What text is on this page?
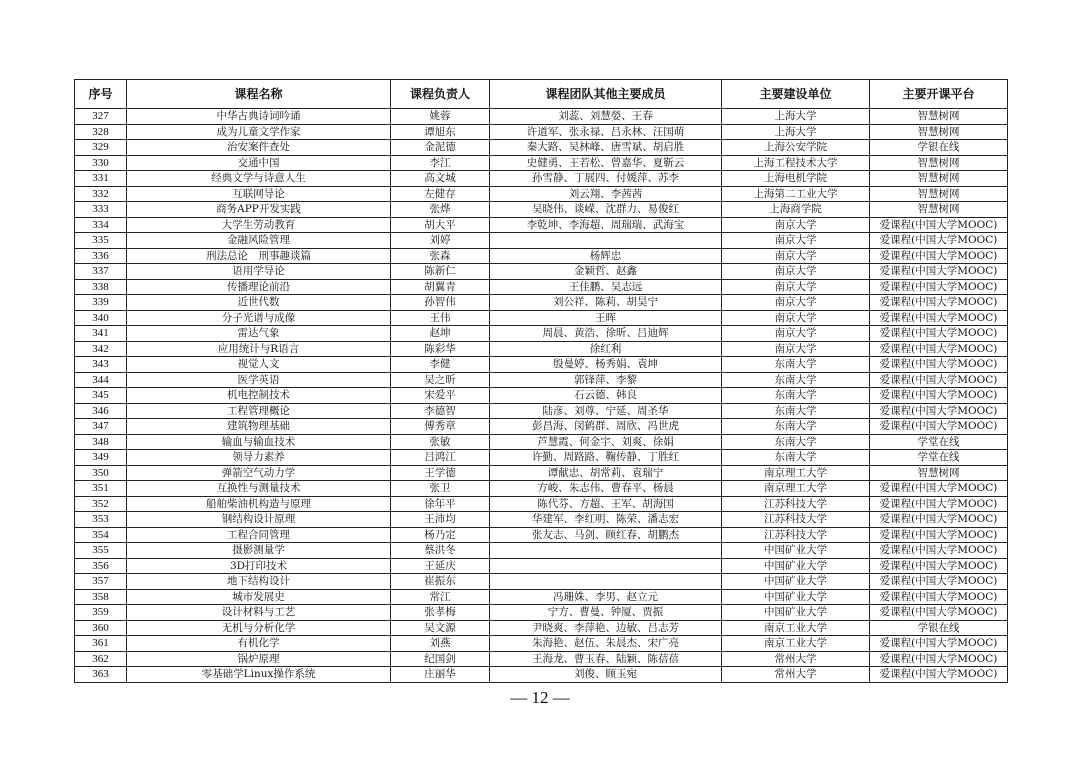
序号	课程名称	课程负责人	课程团队其他主要成员	主要建设单位	主要开课平台
327	中华古典诗词吟诵	姚蓉	刘蕊、刘慧嫈、王春	上海大学	智慧树网
328	成为儿童文学作家	谭旭东	许道军、张永禄、吕永林、汪国萌	上海大学	智慧树网
329	治安案件查处	金泥德	秦大路、吴林峰、唐雪斌、胡启胜	上海公安学院	学银在线
330	交通中国	李江	史健勇、王若松、曾嘉华、夏靳云	上海工程技术大学	智慧树网
331	经典文学与诗意人生	高文城	孙雪静、丁展四、付媛萍、苏李	上海电机学院	智慧树网
332	互联网导论	左健存	刘云翔、李茜茜	上海第二工业大学	智慧树网
333	商务APP开发实践	张烨	吴晓伟、谈嵘、沈群力、易俊红	上海商学院	智慧树网
334	大学生劳动教育	胡大平	李乾坤、李海超、周瑞瑞、武海宝	南京大学	爱课程(中国大学MOOC)
335	金融风险管理	刘婷		南京大学	爱课程(中国大学MOOC)
336	刑法总论　刑事趣谈篇	张森	杨辉忠	南京大学	爱课程(中国大学MOOC)
337	语用学导论	陈新仁	金颖哲、赵鑫	南京大学	爱课程(中国大学MOOC)
338	传播理论前沿	胡翼青	王佳鹏、吴志远	南京大学	爱课程(中国大学MOOC)
339	近世代数	孙智伟	刘公祥、陈莉、胡昊宁	南京大学	爱课程(中国大学MOOC)
340	分子光谱与成像	王伟	王晖	南京大学	爱课程(中国大学MOOC)
341	雷达气象	赵坤	周晨、黄浩、徐昕、吕迪辉	南京大学	爱课程(中国大学MOOC)
342	应用统计与R语言	陈彩华	徐红利	南京大学	爱课程(中国大学MOOC)
343	视觉人文	李健	殷曼婷、杨秀娟、袁坤	东南大学	爱课程(中国大学MOOC)
344	医学英语	吴之昕	郭锋萍、李黎	东南大学	爱课程(中国大学MOOC)
345	机电控制技术	宋爱平	石云德、韩良	东南大学	爱课程(中国大学MOOC)
346	工程管理概论	李德智	陆彦、刘尊、宁延、周圣华	东南大学	爱课程(中国大学MOOC)
347	建筑物理基础	傅秀章	彭昌海、闵鹤群、周欣、冯世虎	东南大学	爱课程(中国大学MOOC)
348	输血与输血技术	张敏	芦慧霞、何金宇、刘爽、徐娟	东南大学	学堂在线
349	领导力素养	吕鸿江	许勤、周路路、鞠传静、丁胜红	东南大学	学堂在线
350	弹箭空气动力学	王学德	谭献忠、胡常莉、袁瑞宁	南京理工大学	智慧树网
351	互换性与测量技术	张卫	方峻、朱志伟、曹春平、杨晨	南京理工大学	爱课程(中国大学MOOC)
352	船舶柴油机构造与原理	徐年平	陈代芬、方超、王军、胡海国	江苏科技大学	爱课程(中国大学MOOC)
353	钢结构设计原理	王沛均	华建军、李红明、陈荣、潘志宏	江苏科技大学	爱课程(中国大学MOOC)
354	工程合同管理	杨乃定	张友志、马剑、顾红春、胡鹏杰	江苏科技大学	爱课程(中国大学MOOC)
355	摄影测量学	蔡洪冬		中国矿业大学	爱课程(中国大学MOOC)
356	3D打印技术	王延庆		中国矿业大学	爱课程(中国大学MOOC)
357	地下结构设计	崔振东		中国矿业大学	爱课程(中国大学MOOC)
358	城市发展史	常江	冯珊姝、李男、赵立元	中国矿业大学	爱课程(中国大学MOOC)
359	设计材料与工艺	张孝梅	宁方、曹曼、钟厦、贾振	中国矿业大学	爱课程(中国大学MOOC)
360	无机与分析化学	吴文源	尹晓爽、李萍艳、边敏、吕志芳	南京工业大学	学银在线
361	有机化学	刘燕	朱海艳、赵伍、朱晨杰、宋广亮	南京工业大学	爱课程(中国大学MOOC)
362	锅炉原理	纪国剑	王海龙、曹玉春、陆颖、陈蓓蓓	常州大学	爱课程(中国大学MOOC)
363	零基础学Linux操作系统	庄丽华	刘俊、顾玉宛	常州大学	爱课程(中国大学MOOC)
— 12 —
